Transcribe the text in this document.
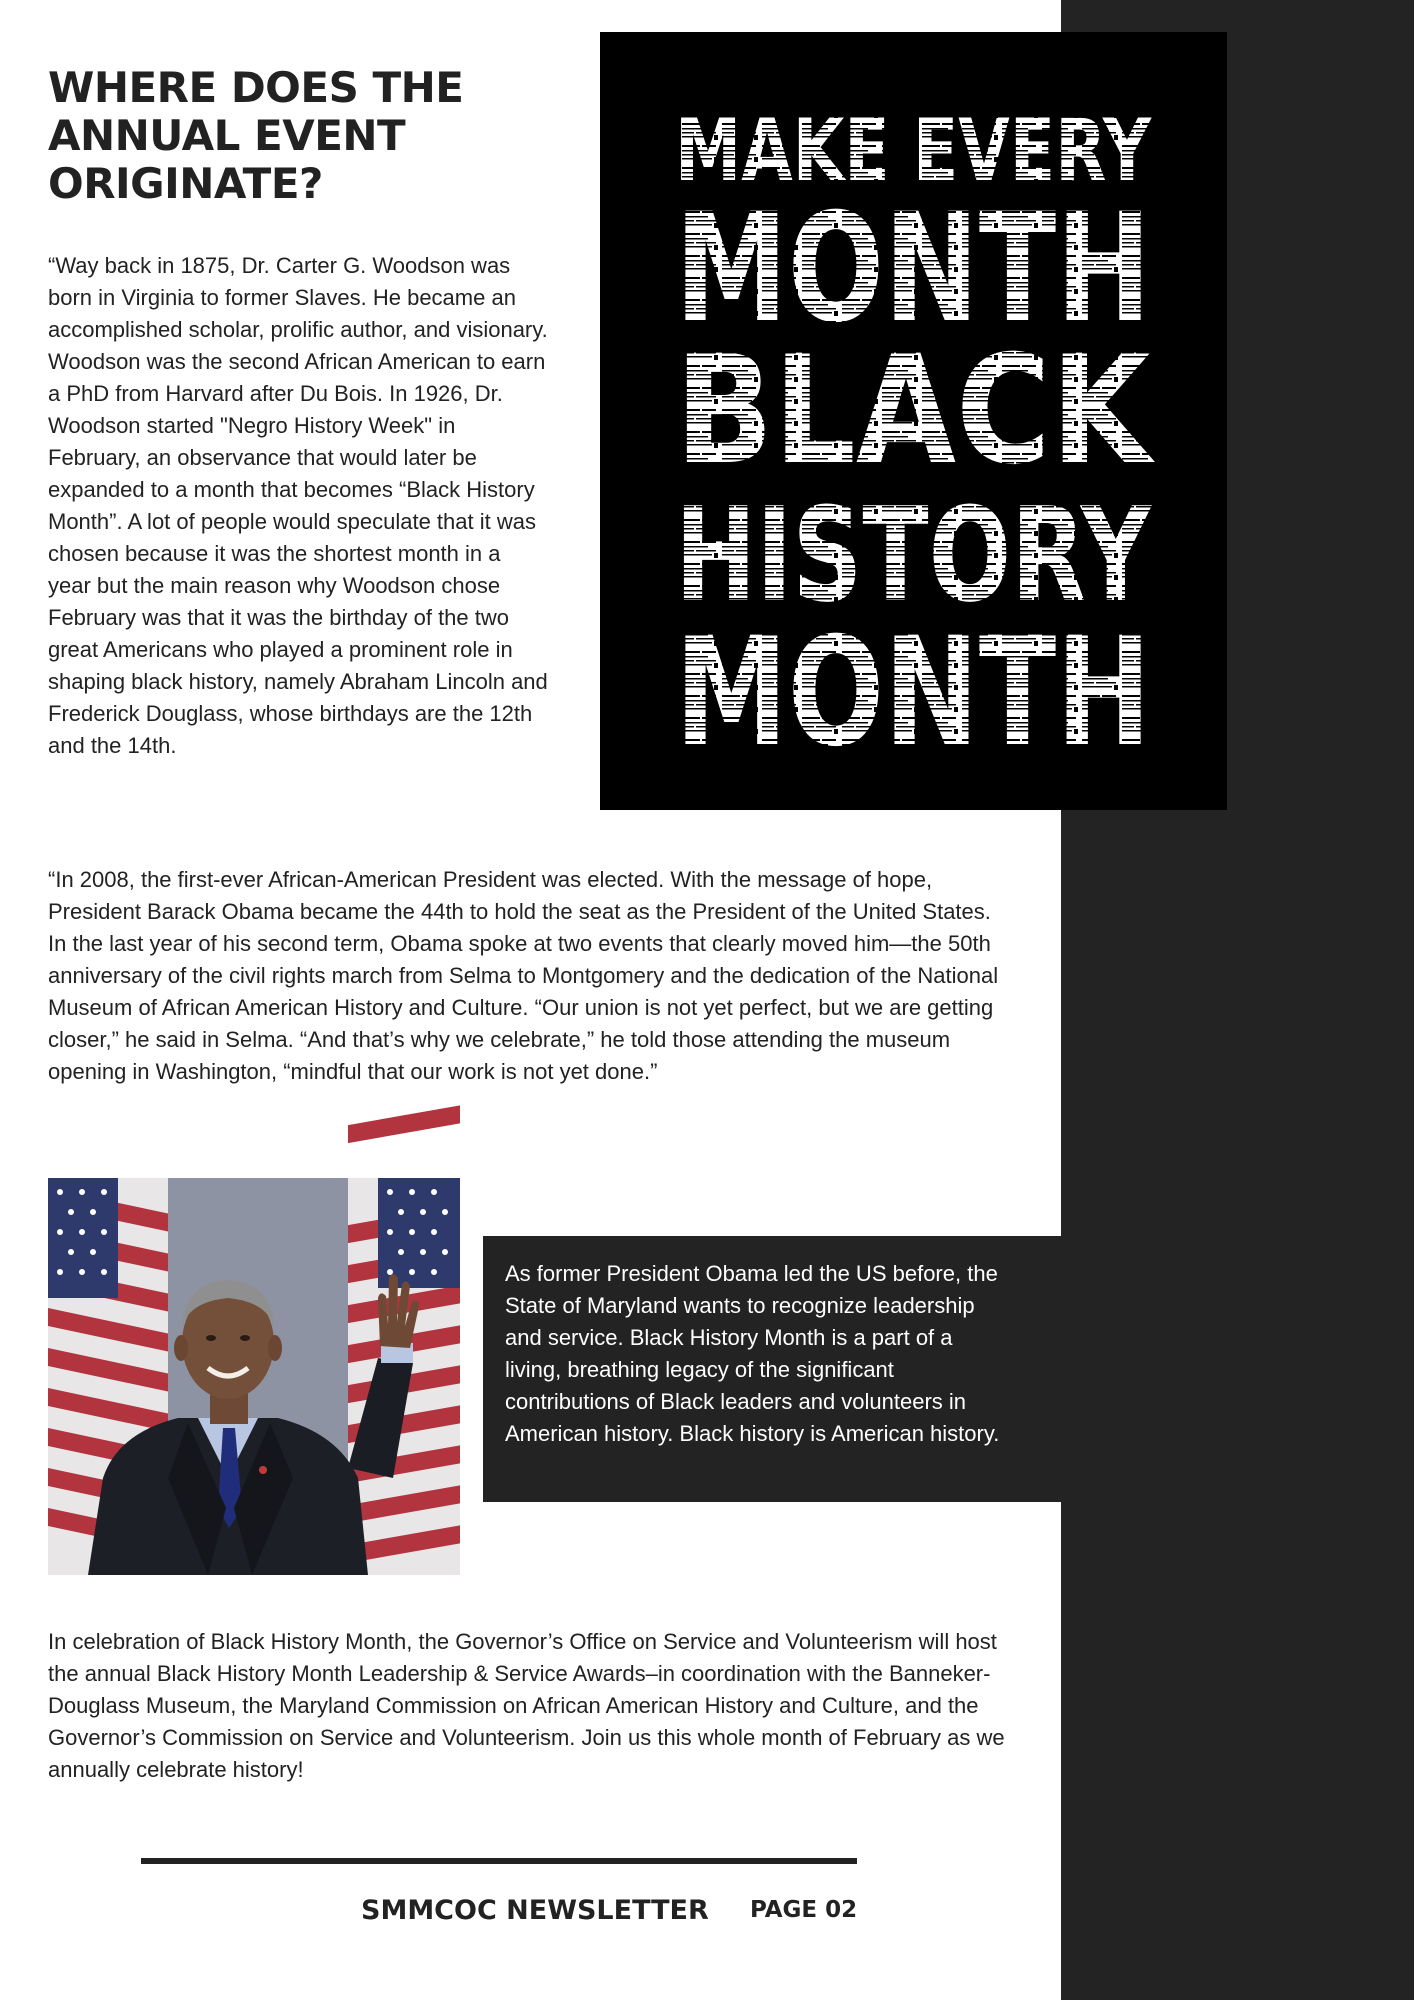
WHERE DOES THE ANNUAL EVENT ORIGINATE?

“Way back in 1875, Dr. Carter G. Woodson was born in Virginia to former Slaves. He became an accomplished scholar, prolific author, and visionary. Woodson was the second African American to earn a PhD from Harvard after Du Bois. In 1926, Dr. Woodson started "Negro History Week" in February, an observance that would later be expanded to a month that becomes “Black History Month”. A lot of people would speculate that it was chosen because it was the shortest month in a year but the main reason why Woodson chose February was that it was the birthday of the two great Americans who played a prominent role in shaping black history, namely Abraham Lincoln and Frederick Douglass, whose birthdays are the 12th and the 14th.

MAKE EVERY
MONTH
BLACK
HISTORY
MONTH

“In 2008, the first-ever African-American President was elected. With the message of hope, President Barack Obama became the 44th to hold the seat as the President of the United States. In the last year of his second term, Obama spoke at two events that clearly moved him—the 50th anniversary of the civil rights march from Selma to Montgomery and the dedication of the National Museum of African American History and Culture. “Our union is not yet perfect, but we are getting closer,” he said in Selma. “And that’s why we celebrate,” he told those attending the museum opening in Washington, “mindful that our work is not yet done.”

As former President Obama led the US before, the State of Maryland wants to recognize leadership and service. Black History Month is a part of a living, breathing legacy of the significant contributions of Black leaders and volunteers in American history. Black history is American history.

In celebration of Black History Month, the Governor’s Office on Service and Volunteerism will host the annual Black History Month Leadership & Service Awards–in coordination with the Banneker-Douglass Museum, the Maryland Commission on African American History and Culture, and the Governor’s Commission on Service and Volunteerism. Join us this whole month of February as we annually celebrate history!

SMMCOC NEWSLETTER PAGE 02
